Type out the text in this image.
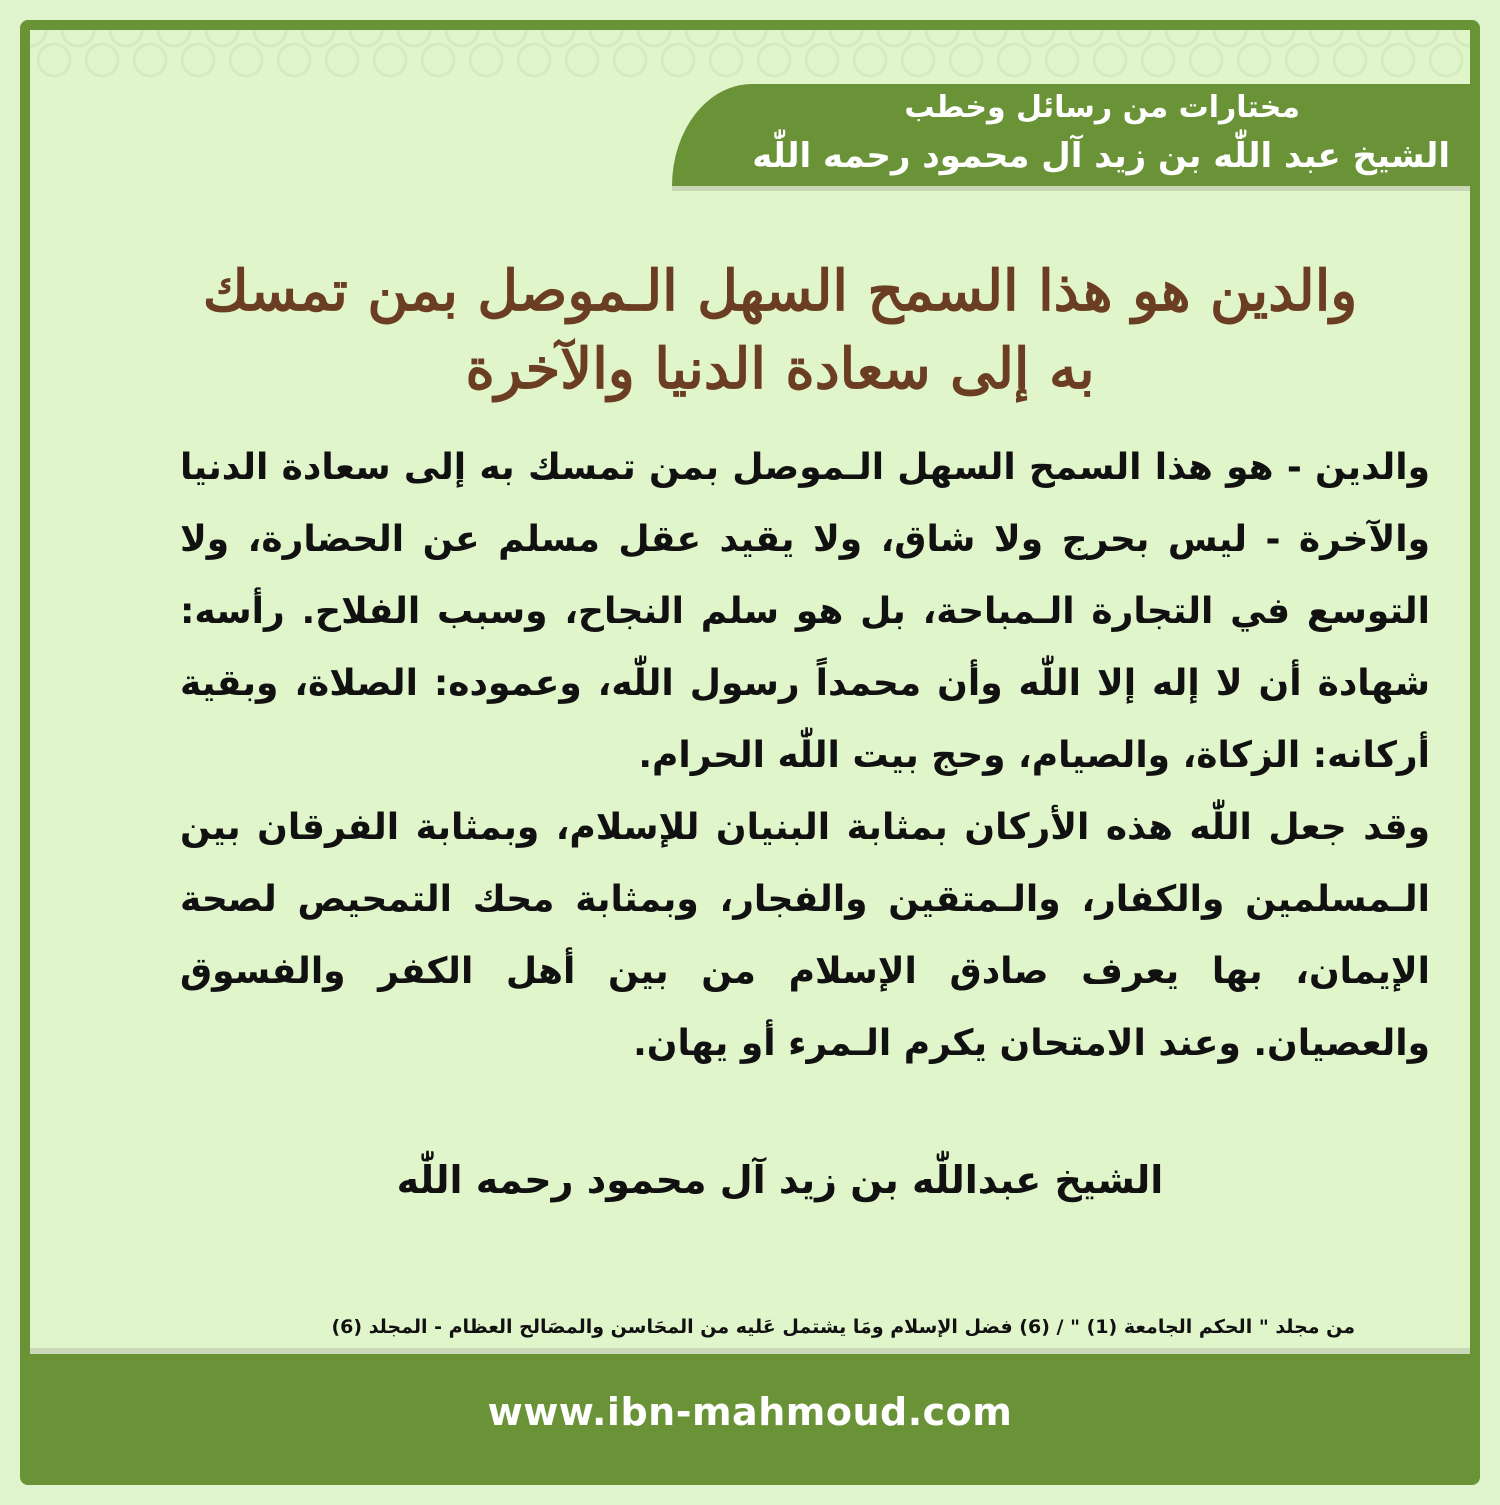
مختارات من رسائل وخطب
الشيخ عبد اللّٰه بن زيد آل محمود رحمه اللّٰه
والدين هو هذا السمح السهل الـموصل بمن تمسك به إلى سعادة الدنيا والآخرة

والدين - هو هذا السمح السهل الـموصل بمن تمسك به إلى سعادة الدنيا والآخرة - ليس بحرج ولا شاق، ولا يقيد عقل مسلم عن الحضارة، ولا التوسع في التجارة الـمباحة، بل هو سلم النجاح، وسبب الفلاح. رأسه: شهادة أن لا إله إلا اللّٰه وأن محمداً رسول اللّٰه، وعموده: الصلاة، وبقية أركانه: الزكاة، والصيام، وحج بيت اللّٰه الحرام.

وقد جعل اللّٰه هذه الأركان بمثابة البنيان للإسلام، وبمثابة الفرقان بين الـمسلمين والكفار، والـمتقين والفجار، وبمثابة محك التمحيص لصحة الإيمان، بها يعرف صادق الإسلام من بين أهل الكفر والفسوق والعصيان. وعند الامتحان يكرم الـمرء أو يهان.

الشيخ عبداللّٰه بن زيد آل محمود رحمه اللّٰه
من مجلد " الحكم الجامعة (1) " / (6) فضل الإسلام ومَا يشتمل عَليه من المحَاسن والمصَالح العظام - المجلد (6)
www.ibn-mahmoud.com
